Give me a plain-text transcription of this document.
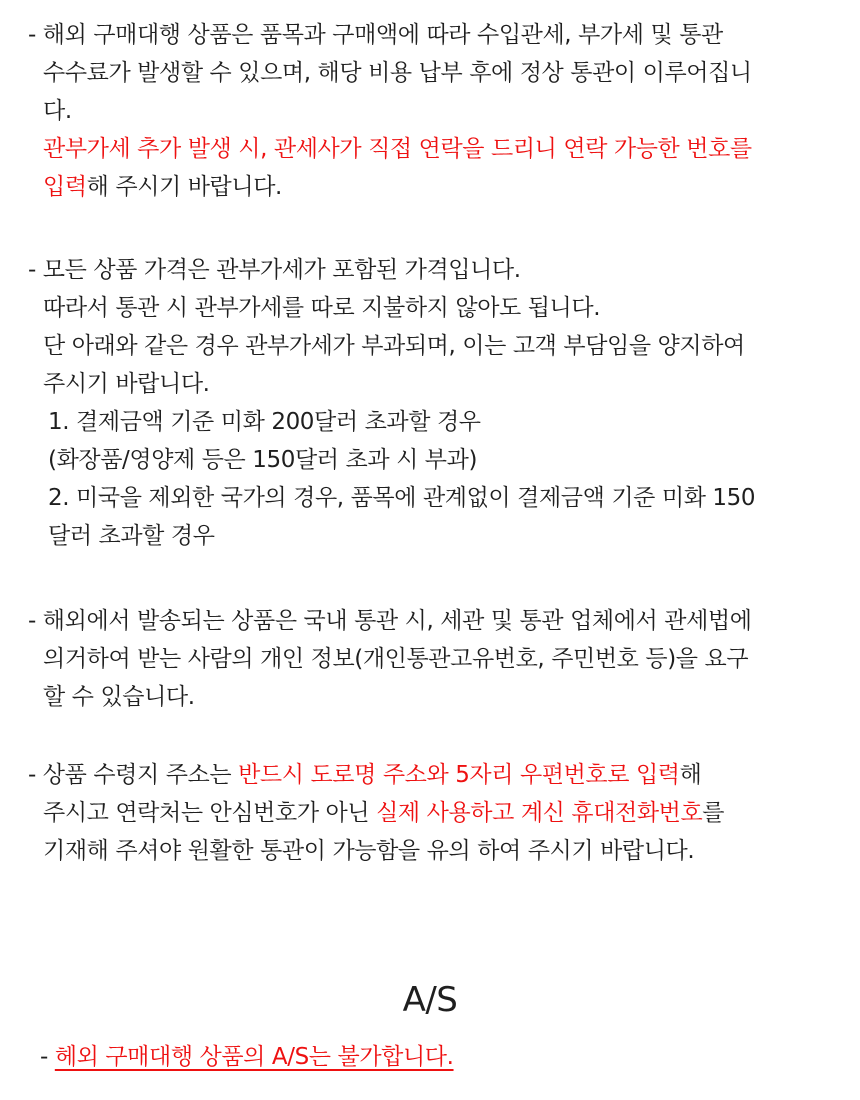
- 해외 구매대행 상품은 품목과 구매액에 따라 수입관세, 부가세 및 통관
수수료가 발생할 수 있으며, 해당 비용 납부 후에 정상 통관이 이루어집니
다.
관부가세 추가 발생 시, 관세사가 직접 연락을 드리니 연락 가능한 번호를
입력해 주시기 바랍니다.
- 모든 상품 가격은 관부가세가 포함된 가격입니다.
따라서 통관 시 관부가세를 따로 지불하지 않아도 됩니다.
단 아래와 같은 경우 관부가세가 부과되며, 이는 고객 부담임을 양지하여
주시기 바랍니다.
1. 결제금액 기준 미화 200달러 초과할 경우
(화장품/영양제 등은 150달러 초과 시 부과)
2. 미국을 제외한 국가의 경우, 품목에 관계없이 결제금액 기준 미화 150
달러 초과할 경우
- 해외에서 발송되는 상품은 국내 통관 시, 세관 및 통관 업체에서 관세법에
의거하여 받는 사람의 개인 정보(개인통관고유번호, 주민번호 등)을 요구
할 수 있습니다.
- 상품 수령지 주소는 반드시 도로명 주소와 5자리 우편번호로 입력해
주시고 연락처는 안심번호가 아닌 실제 사용하고 계신 휴대전화번호를
기재해 주셔야 원활한 통관이 가능함을 유의 하여 주시기 바랍니다.
A/S
- 헤외 구매대행 상품의 A/S는 불가합니다.
